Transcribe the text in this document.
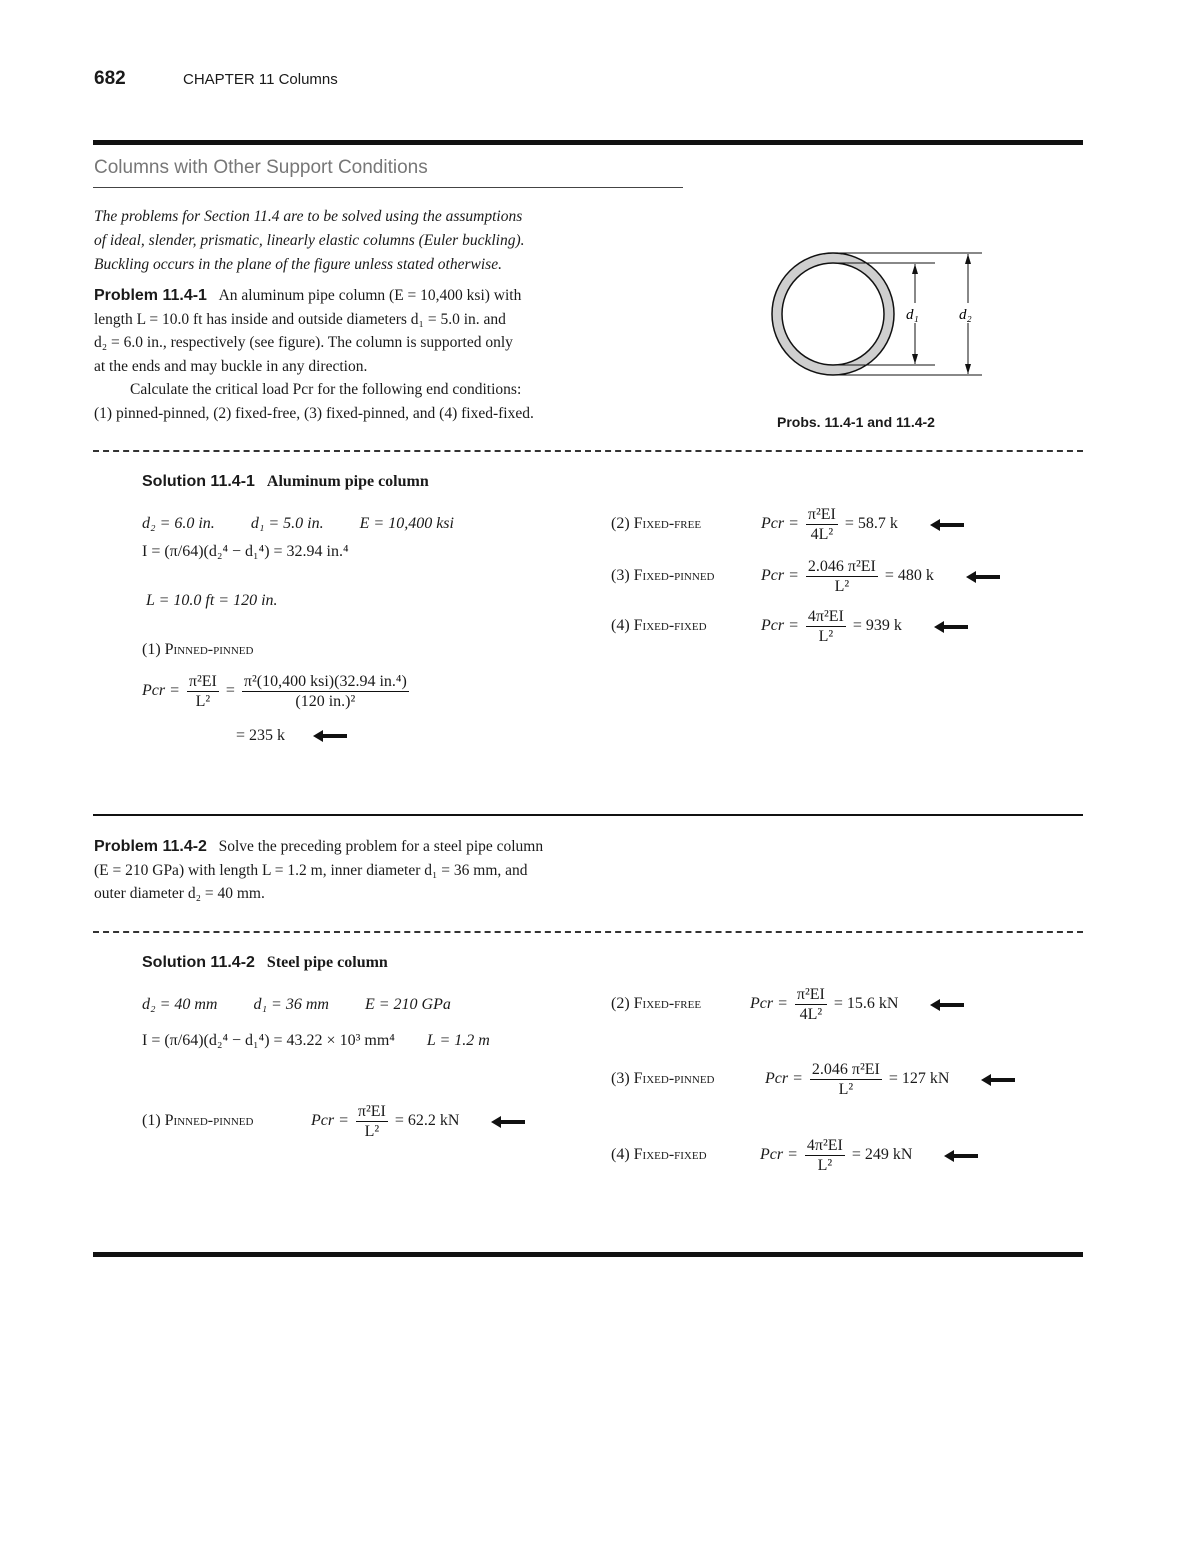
682	CHAPTER 11 Columns
Columns with Other Support Conditions

The problems for Section 11.4 are to be solved using the assumptions

of ideal, slender, prismatic, linearly elastic columns (Euler buckling).

Buckling occurs in the plane of the figure unless stated otherwise.

Problem 11.4-1 An aluminum pipe column (E = 10,400 ksi) with

length L = 10.0 ft has inside and outside diameters d₁ = 5.0 in. and

d₂ = 6.0 in., respectively (see figure). The column is supported only

at the ends and may buckle in any direction.

Calculate the critical load Pcr for the following end conditions:

(1) pinned-pinned, (2) fixed-free, (3) fixed-pinned, and (4) fixed-fixed.

d₁	d₂
Probs. 11.4-1 and 11.4-2
Solution 11.4-1 Aluminum pipe column
d₂ = 6.0 in. d₁ = 5.0 in. E = 10,400 ksi
I = (π/64)(d₂⁴ − d₁⁴) = 32.94 in.⁴
L = 10.0 ft = 120 in.
(1) Pinned-pinned
Pcr = $\frac{\text{π²EI}}{\text{L²}} = \frac{\text{π²(10,400 ksi)(32.94 in.⁴)}}{\text{(120 in.)²}}$
= 235 k
(2) Fixed-free	Pcr = $\frac{\text{π²EI}}{\text{4L²}} = 58.7$ k
(3) Fixed-pinned	Pcr = $\frac{\text{2.046 π²EI}}{\text{L²}} = 480$ k
(4) Fixed-fixed	Pcr = $\frac{\text{4π²EI}}{\text{L²}} = 939$ k

Problem 11.4-2 Solve the preceding problem for a steel pipe column

(E = 210 GPa) with length L = 1.2 m, inner diameter d₁ = 36 mm, and

outer diameter d₂ = 40 mm.

Solution 11.4-2 Steel pipe column
d₂ = 40 mm d₁ = 36 mm E = 210 GPa
I = (π/64)(d₂⁴ − d₁⁴) = 43.22 × 10³ mm⁴ L = 1.2 m
(1) Pinned-pinned	Pcr = $\frac{\text{π²EI}}{\text{L²}} = 62.2$ kN
(2) Fixed-free	Pcr = $\frac{\text{π²EI}}{\text{4L²}} = 15.6$ kN
(3) Fixed-pinned	Pcr = $\frac{\text{2.046 π²EI}}{\text{L²}} = 127$ kN
(4) Fixed-fixed	Pcr = $\frac{\text{4π²EI}}{\text{L²}} = 249$ kN
